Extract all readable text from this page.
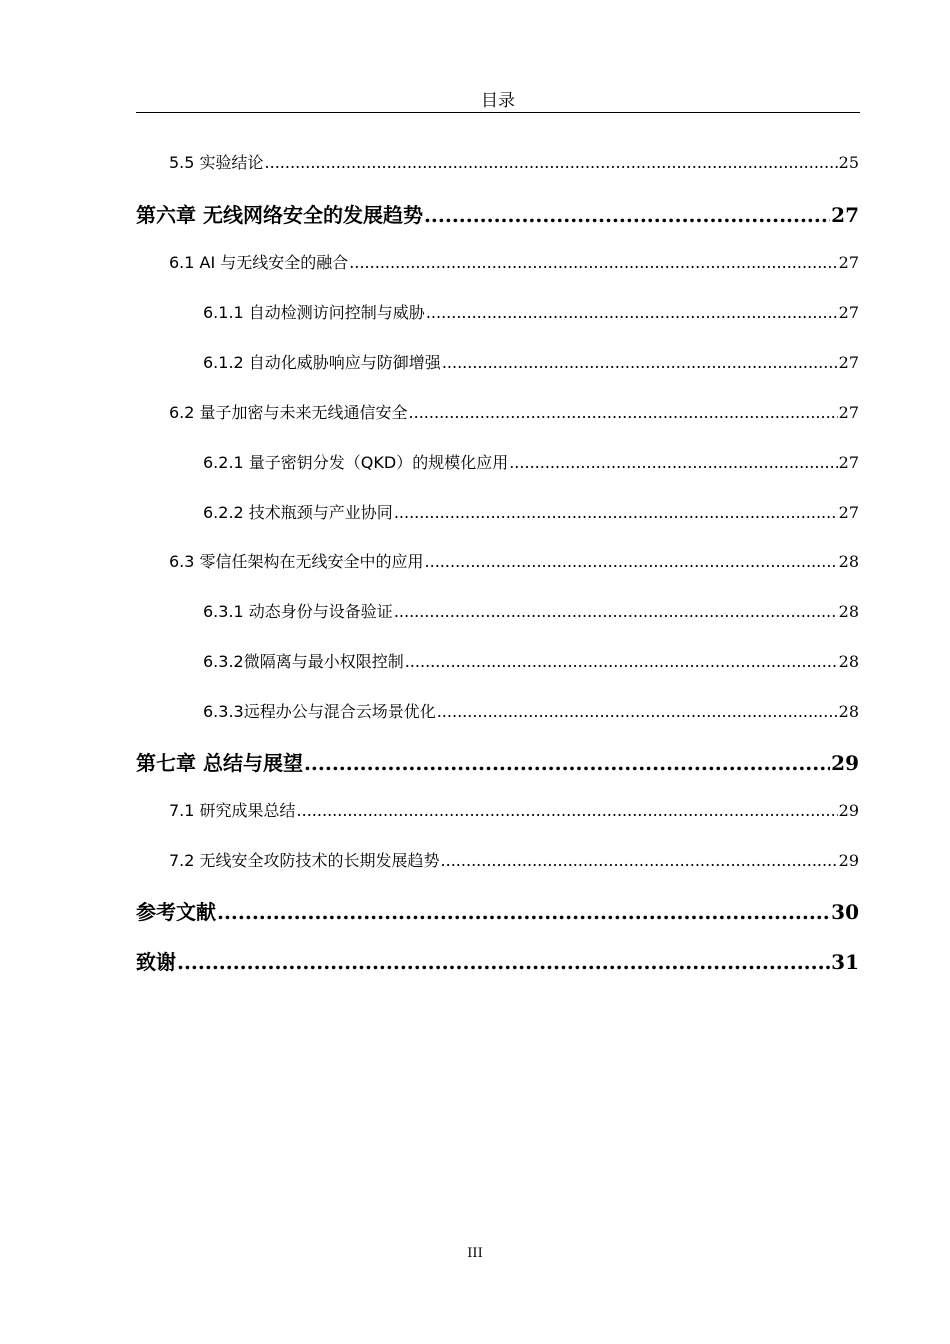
目录
5.5 实验结论 .....	25
第六章 无线网络安全的发展趋势 .....	27
6.1 AI 与无线安全的融合 .....	27
6.1.1 自动检测访问控制与威胁 .....	27
6.1.2 自动化威胁响应与防御增强 .....	27
6.2 量子加密与未来无线通信安全 .....	27
6.2.1 量子密钥分发（QKD）的规模化应用 .....	27
6.2.2 技术瓶颈与产业协同 .....	27
6.3 零信任架构在无线安全中的应用 .....	28
6.3.1 动态身份与设备验证 .....	28
6.3.2微隔离与最小权限控制 .....	28
6.3.3远程办公与混合云场景优化 .....	28
第七章 总结与展望 .....	29
7.1 研究成果总结 .....	29
7.2 无线安全攻防技术的长期发展趋势 .....	29
参考文献 .....	30
致谢 .....	31
III
